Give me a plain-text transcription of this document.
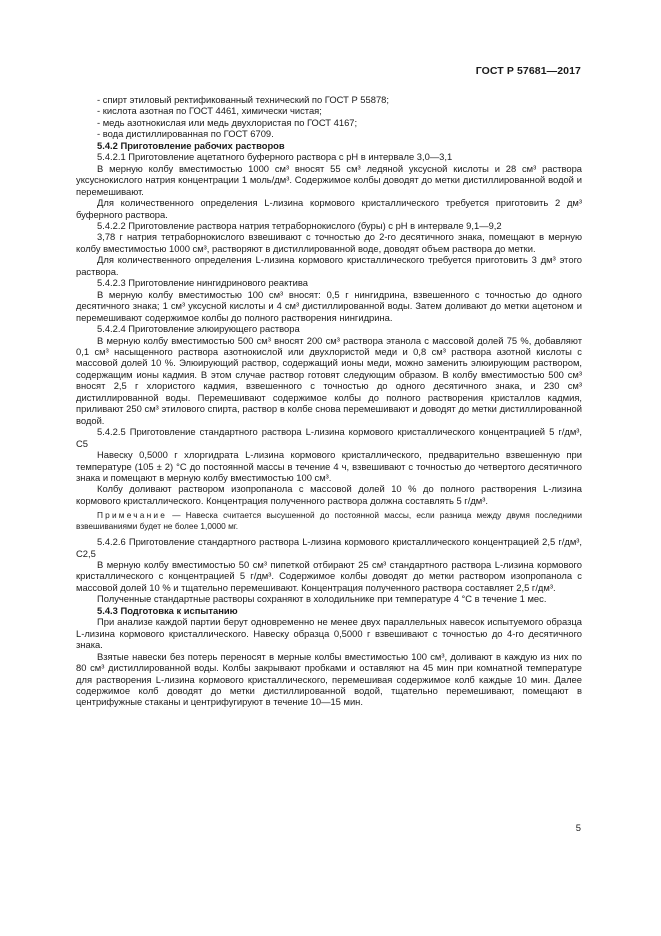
ГОСТ Р 57681—2017

- спирт этиловый ректификованный технический по ГОСТ Р 55878;

- кислота азотная по ГОСТ 4461, химически чистая;

- медь азотнокислая или медь двухлористая по ГОСТ 4167;

- вода дистиллированная по ГОСТ 6709.

5.4.2 Приготовление рабочих растворов

5.4.2.1 Приготовление ацетатного буферного раствора с pH в интервале 3,0—3,1

В мерную колбу вместимостью 1000 см³ вносят 55 см³ ледяной уксусной кислоты и 28 см³ раствора уксуснокислого натрия концентрации 1 моль/дм³. Содержимое колбы доводят до метки дистиллированной водой и перемешивают.

Для количественного определения L-лизина кормового кристаллического требуется приготовить 2 дм³ буферного раствора.

5.4.2.2 Приготовление раствора натрия тетраборнокислого (буры) с pH в интервале 9,1—9,2

3,78 г натрия тетраборнокислого взвешивают с точностью до 2-го десятичного знака, помещают в мерную колбу вместимостью 1000 см³, растворяют в дистиллированной воде, доводят объем раствора до метки.

Для количественного определения L-лизина кормового кристаллического требуется приготовить 3 дм³ этого раствора.

5.4.2.3 Приготовление нингидринового реактива

В мерную колбу вместимостью 100 см³ вносят: 0,5 г нингидрина, взвешенного с точностью до одного десятичного знака; 1 см³ уксусной кислоты и 4 см³ дистиллированной воды. Затем доливают до метки ацетоном и перемешивают содержимое колбы до полного растворения нингидрина.

5.4.2.4 Приготовление элюирующего раствора

В мерную колбу вместимостью 500 см³ вносят 200 см³ раствора этанола с массовой долей 75 %, добавляют 0,1 см³ насыщенного раствора азотнокислой или двухлористой меди и 0,8 см³ раствора азотной кислоты с массовой долей 10 %. Элюирующий раствор, содержащий ионы меди, можно заменить элюирующим раствором, содержащим ионы кадмия. В этом случае раствор готовят следующим образом. В колбу вместимостью 500 см³ вносят 2,5 г хлористого кадмия, взвешенного с точностью до одного десятичного знака, и 230 см³ дистиллированной воды. Перемешивают содержимое колбы до полного растворения кристаллов кадмия, приливают 250 см³ этилового спирта, раствор в колбе снова перемешивают и доводят до метки дистиллированной водой.

5.4.2.5 Приготовление стандартного раствора L-лизина кормового кристаллического концентрацией 5 г/дм³, C5

Навеску 0,5000 г хлоргидрата L-лизина кормового кристаллического, предварительно взвешенную при температуре (105 ± 2) °С до постоянной массы в течение 4 ч, взвешивают с точностью до четвертого десятичного знака и помещают в мерную колбу вместимостью 100 см³.

Колбу доливают раствором изопропанола с массовой долей 10 % до полного растворения L-лизина кормового кристаллического. Концентрация полученного раствора должна составлять 5 г/дм³.

Примечание — Навеска считается высушенной до постоянной массы, если разница между двумя последними взвешиваниями будет не более 1,0000 мг.

5.4.2.6 Приготовление стандартного раствора L-лизина кормового кристаллического концентрацией 2,5 г/дм³, C2,5

В мерную колбу вместимостью 50 см³ пипеткой отбирают 25 см³ стандартного раствора L-лизина кормового кристаллического с концентрацией 5 г/дм³. Содержимое колбы доводят до метки раствором изопропанола с массовой долей 10 % и тщательно перемешивают. Концентрация полученного раствора составляет 2,5 г/дм³.

Полученные стандартные растворы сохраняют в холодильнике при температуре 4 °С в течение 1 мес.

5.4.3 Подготовка к испытанию

При анализе каждой партии берут одновременно не менее двух параллельных навесок испытуемого образца L-лизина кормового кристаллического. Навеску образца 0,5000 г взвешивают с точностью до 4-го десятичного знака.

Взятые навески без потерь переносят в мерные колбы вместимостью 100 см³, доливают в каждую из них по 80 см³ дистиллированной воды. Колбы закрывают пробками и оставляют на 45 мин при комнатной температуре для растворения L-лизина кормового кристаллического, перемешивая содержимое колб каждые 10 мин. Далее содержимое колб доводят до метки дистиллированной водой, тщательно перемешивают, помещают в центрифужные стаканы и центрифугируют в течение 10—15 мин.

5
